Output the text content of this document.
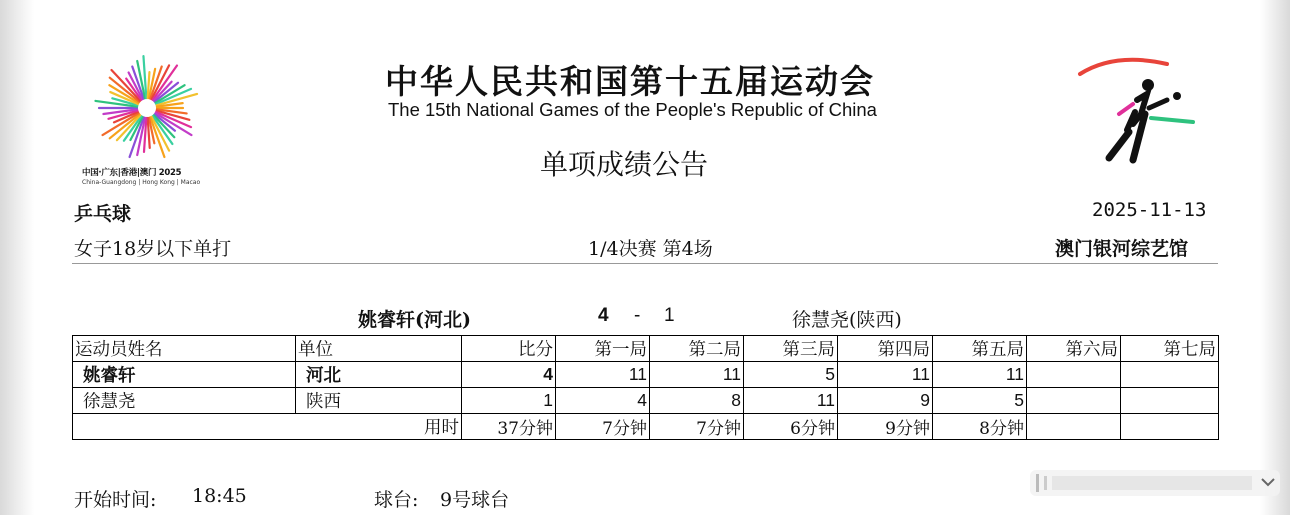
中国·广东|香港|澳门 2025
China-Guangdong | Hong Kong | Macao
中华人民共和国第十五届运动会
The 15th National Games of the People's Republic of China
单项成绩公告
乒乓球	2025-11-13
女子18岁以下单打	1/4决赛 第4场	澳门银河综艺馆
姚睿轩(河北)	4 - 1	徐慧尧(陕西)
运动员姓名	单位	比分	第一局	第二局	第三局	第四局	第五局	第六局	第七局
姚睿轩	河北	4	11	11	5	11	11		
徐慧尧	陕西	1	4	8	11	9	5		
用时		37分钟	7分钟	7分钟	6分钟	9分钟	8分钟		
开始时间: 18:45	球台: 9号球台
